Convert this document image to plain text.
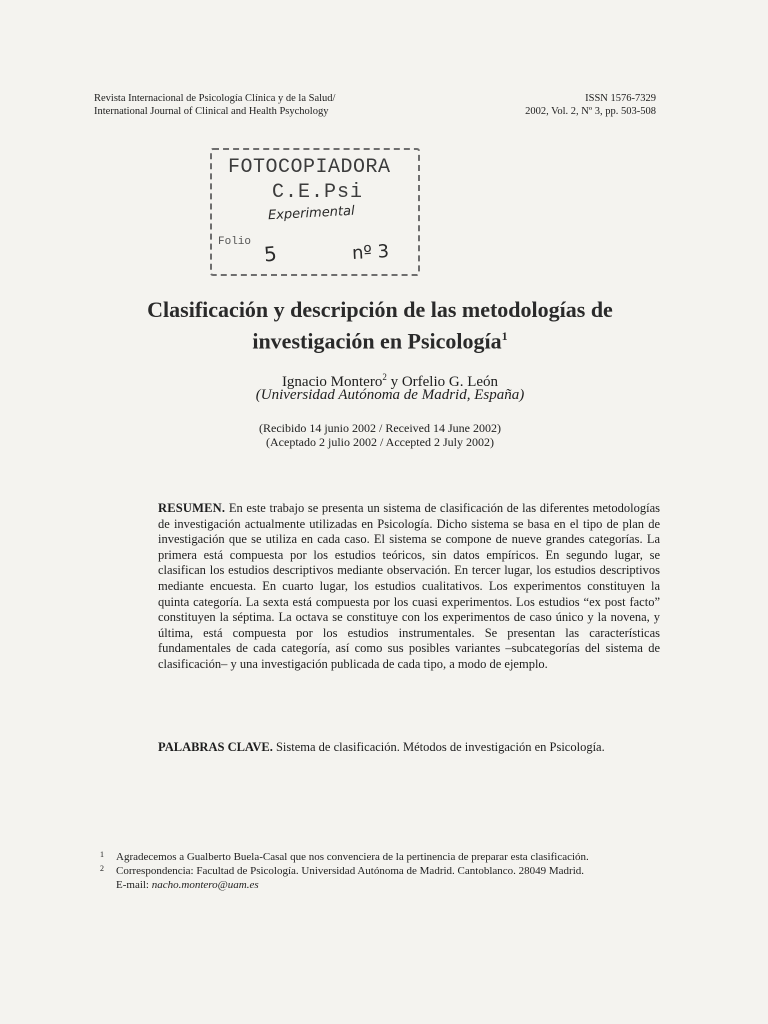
Revista Internacional de Psicología Clínica y de la Salud/
International Journal of Clinical and Health Psychology
ISSN 1576-7329
2002, Vol. 2, Nº 3, pp. 503-508
FOTOCOPIADORA
C.E.Psi
Experimental
Folio 5	nº 3
Clasificación y descripción de las metodologías de
investigación en Psicología$^1$
Ignacio Montero$^2$ y Orfelio G. León
(Universidad Autónoma de Madrid, España)
(Recibido 14 junio 2002 / Received 14 June 2002)
(Aceptado 2 julio 2002 / Accepted 2 July 2002)
RESUMEN. En este trabajo se presenta un sistema de clasificación de las diferentes metodologías de investigación actualmente utilizadas en Psicología. Dicho sistema se basa en el tipo de plan de investigación que se utiliza en cada caso. El sistema se compone de nueve grandes categorías. La primera está compuesta por los estudios teóricos, sin datos empíricos. En segundo lugar, se clasifican los estudios descriptivos mediante observación. En tercer lugar, los estudios descriptivos mediante encuesta. En cuarto lugar, los estudios cualitativos. Los experimentos constituyen la quinta categoría. La sexta está compuesta por los cuasi experimentos. Los estudios “ex post facto” constituyen la séptima. La octava se constituye con los experimentos de caso único y la novena, y última, está compuesta por los estudios instrumentales. Se presentan las características fundamentales de cada categoría, así como sus posibles variantes –subcategorías del sistema de clasificación– y una investigación publicada de cada tipo, a modo de ejemplo.
PALABRAS CLAVE. Sistema de clasificación. Métodos de investigación en Psicología.
1 Agradecemos a Gualberto Buela-Casal que nos convenciera de la pertinencia de preparar esta clasificación.
2 Correspondencia: Facultad de Psicología. Universidad Autónoma de Madrid. Cantoblanco. 28049 Madrid.
E-mail: nacho.montero@uam.es
